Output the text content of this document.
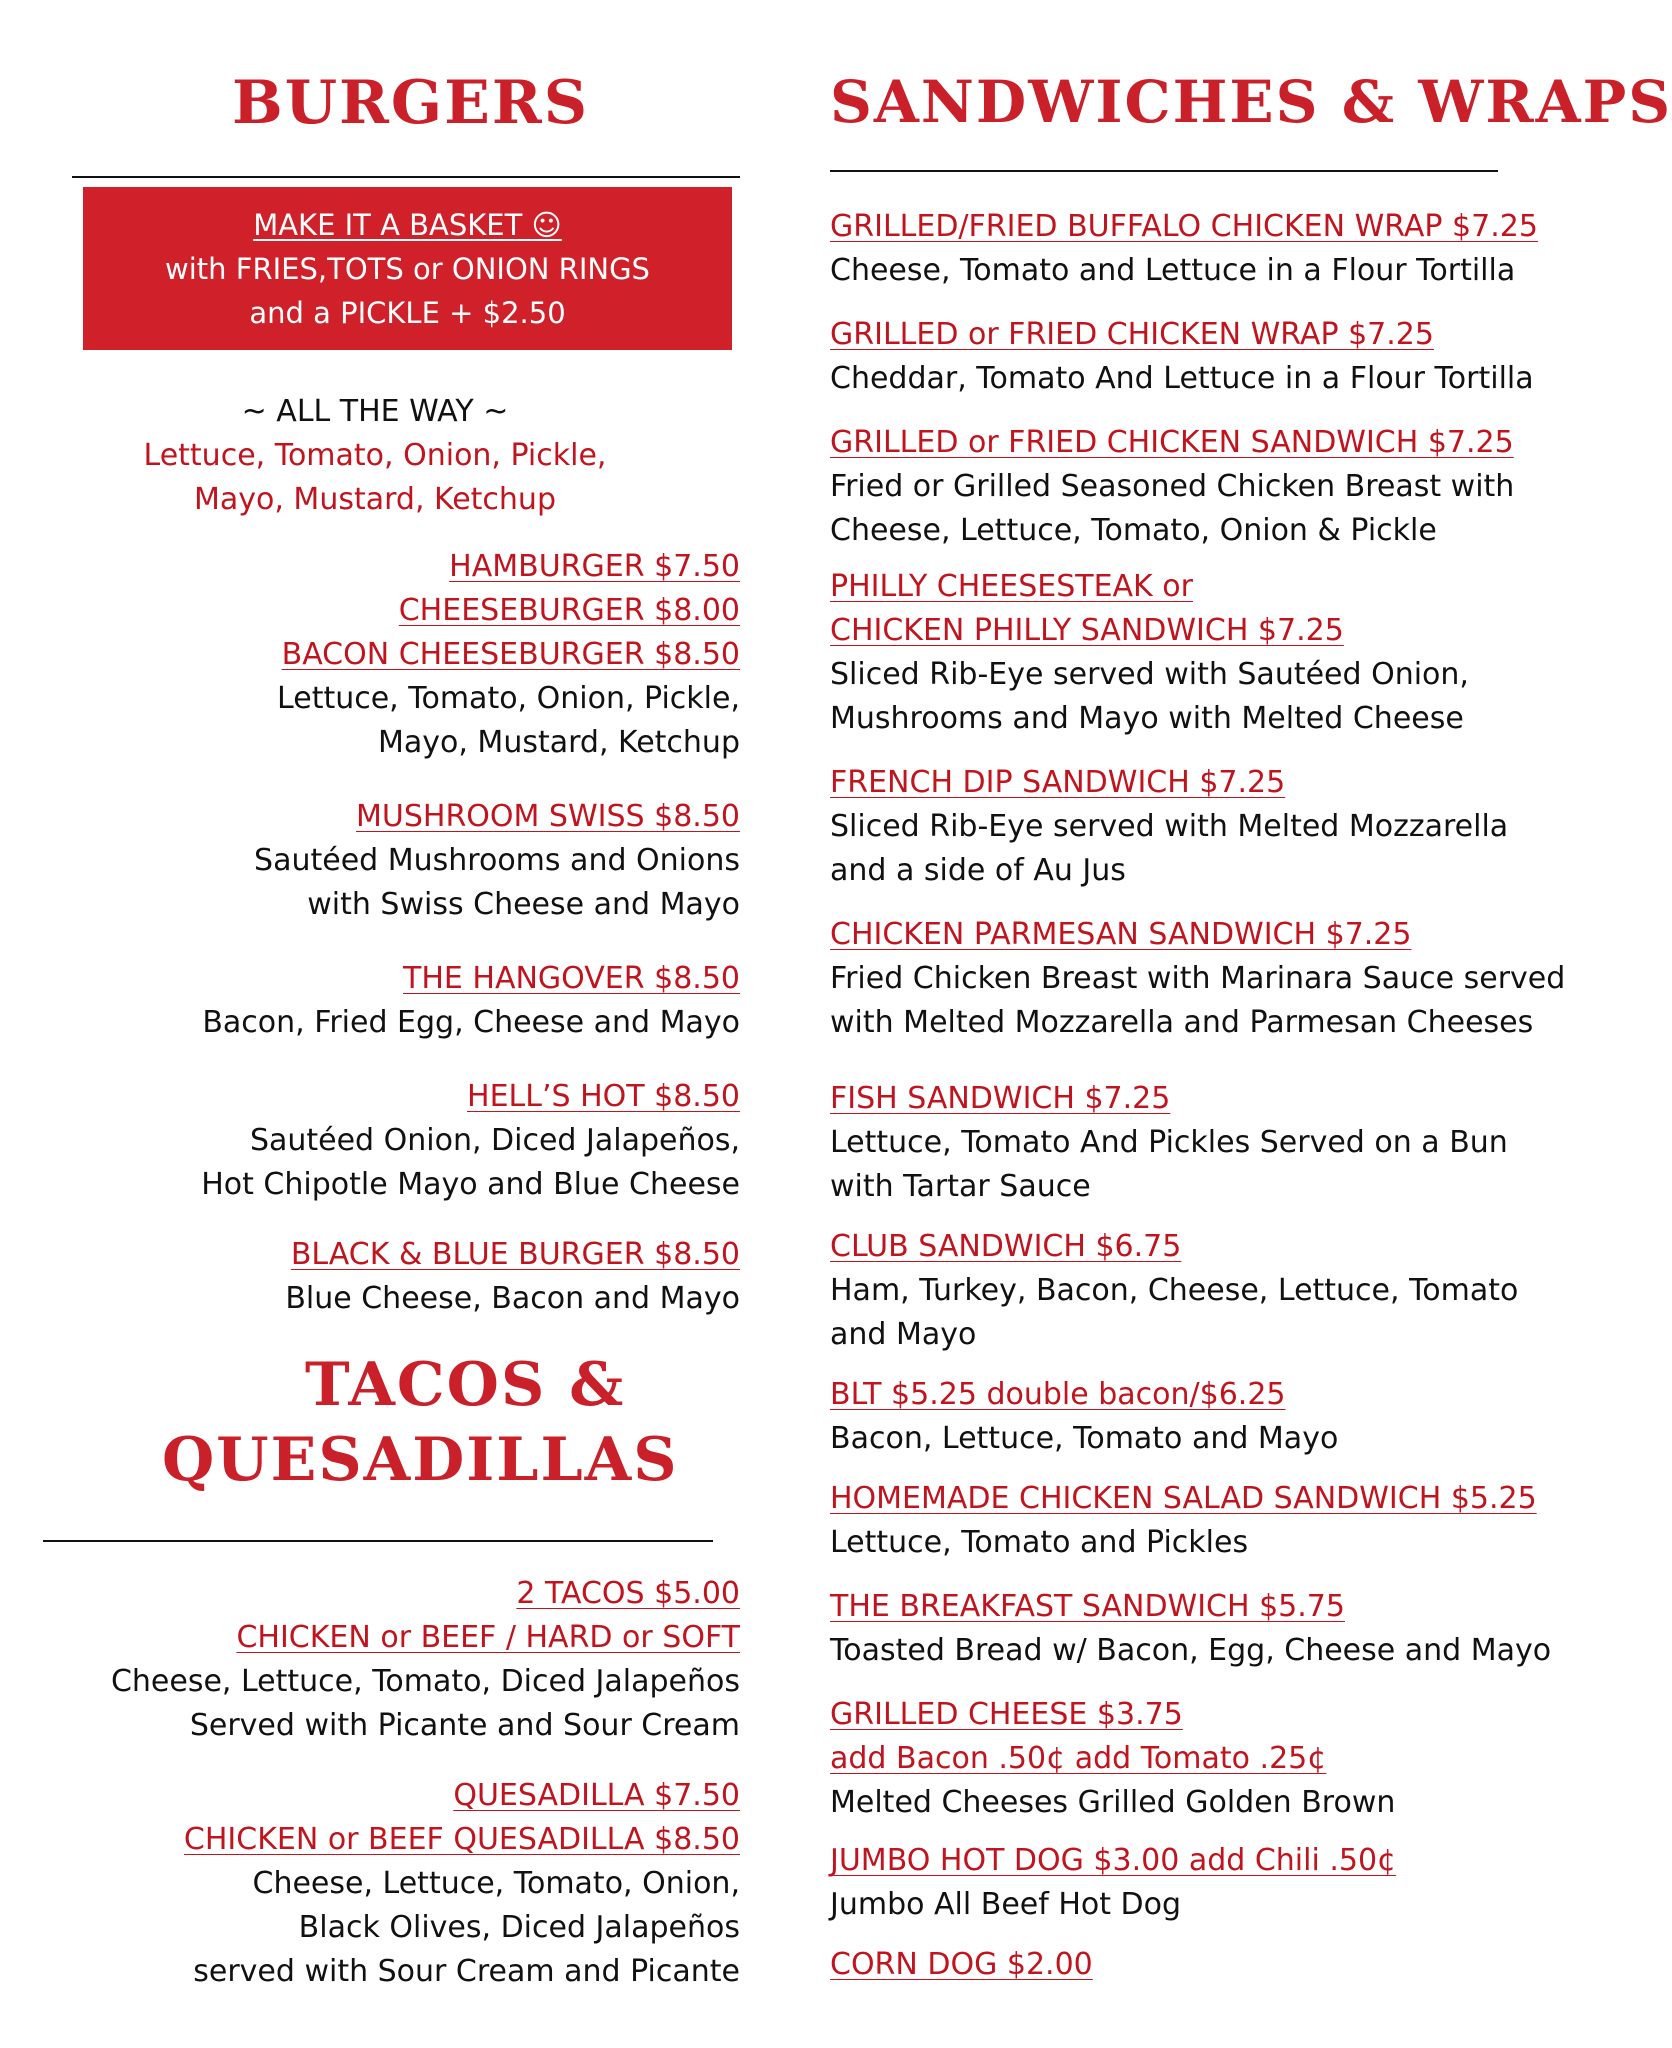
BURGERS
MAKE IT A BASKET ☺
with FRIES,TOTS or ONION RINGS
and a PICKLE + $2.50
~ ALL THE WAY ~
Lettuce, Tomato, Onion, Pickle,
Mayo, Mustard, Ketchup
HAMBURGER $7.50
CHEESEBURGER $8.00
BACON CHEESEBURGER $8.50
Lettuce, Tomato, Onion, Pickle,
Mayo, Mustard, Ketchup
MUSHROOM SWISS $8.50
Sautéed Mushrooms and Onions
with Swiss Cheese and Mayo
THE HANGOVER $8.50
Bacon, Fried Egg, Cheese and Mayo
HELL’S HOT $8.50
Sautéed Onion, Diced Jalapeños,
Hot Chipotle Mayo and Blue Cheese
BLACK & BLUE BURGER $8.50
Blue Cheese, Bacon and Mayo
TACOS &
QUESADILLAS
2 TACOS $5.00
CHICKEN or BEEF / HARD or SOFT
Cheese, Lettuce, Tomato, Diced Jalapeños
Served with Picante and Sour Cream
QUESADILLA $7.50
CHICKEN or BEEF QUESADILLA $8.50
Cheese, Lettuce, Tomato, Onion,
Black Olives, Diced Jalapeños
served with Sour Cream and Picante
SANDWICHES & WRAPS
GRILLED/FRIED BUFFALO CHICKEN WRAP $7.25
Cheese, Tomato and Lettuce in a Flour Tortilla
GRILLED or FRIED CHICKEN WRAP $7.25
Cheddar, Tomato And Lettuce in a Flour Tortilla
GRILLED or FRIED CHICKEN SANDWICH $7.25
Fried or Grilled Seasoned Chicken Breast with
Cheese, Lettuce, Tomato, Onion & Pickle
PHILLY CHEESESTEAK or
CHICKEN PHILLY SANDWICH $7.25
Sliced Rib-Eye served with Sautéed Onion,
Mushrooms and Mayo with Melted Cheese
FRENCH DIP SANDWICH $7.25
Sliced Rib-Eye served with Melted Mozzarella
and a side of Au Jus
CHICKEN PARMESAN SANDWICH $7.25
Fried Chicken Breast with Marinara Sauce served
with Melted Mozzarella and Parmesan Cheeses
FISH SANDWICH $7.25
Lettuce, Tomato And Pickles Served on a Bun
with Tartar Sauce
CLUB SANDWICH $6.75
Ham, Turkey, Bacon, Cheese, Lettuce, Tomato
and Mayo
BLT $5.25 double bacon/$6.25
Bacon, Lettuce, Tomato and Mayo
HOMEMADE CHICKEN SALAD SANDWICH $5.25
Lettuce, Tomato and Pickles
THE BREAKFAST SANDWICH $5.75
Toasted Bread w/ Bacon, Egg, Cheese and Mayo
GRILLED CHEESE $3.75
add Bacon .50¢ add Tomato .25¢
Melted Cheeses Grilled Golden Brown
JUMBO HOT DOG $3.00 add Chili .50¢
Jumbo All Beef Hot Dog
CORN DOG $2.00
